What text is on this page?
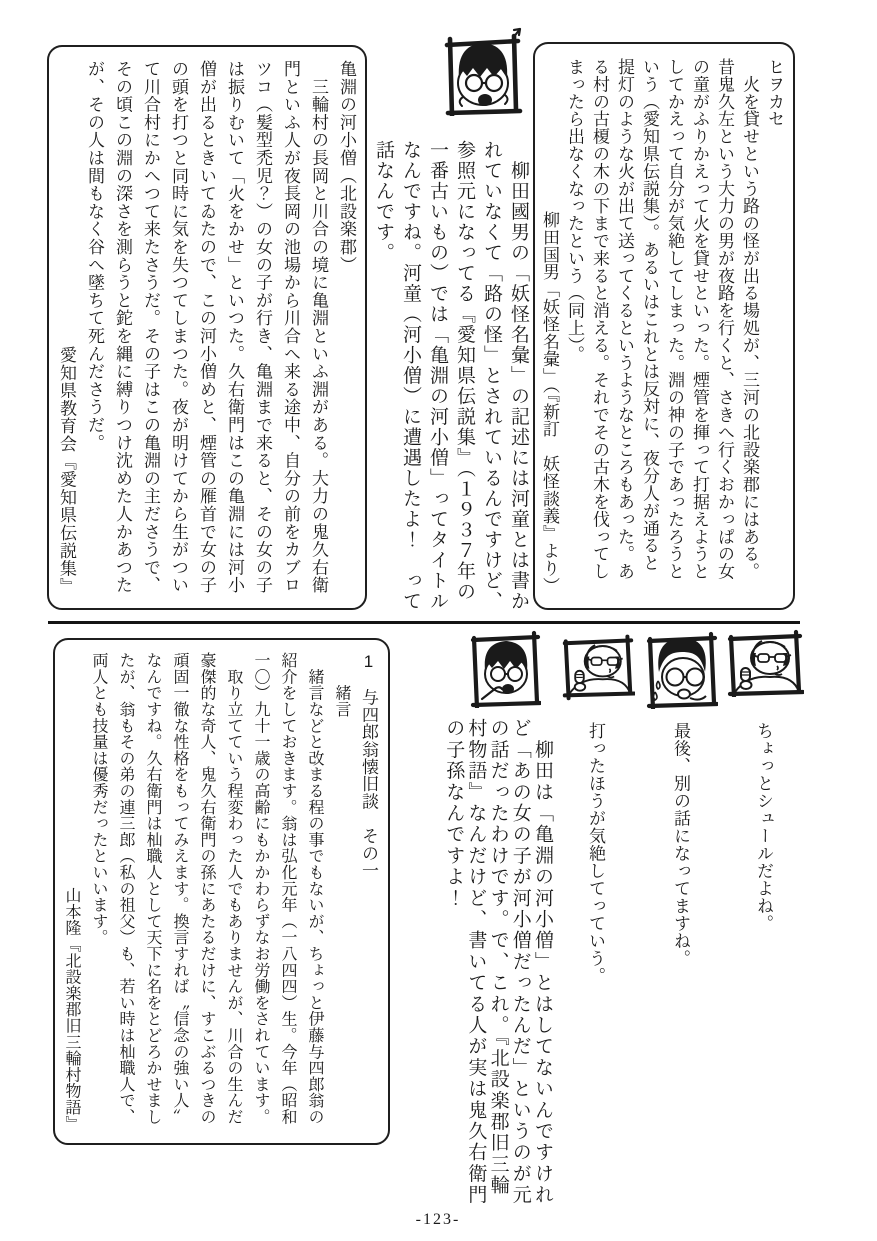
ヒヲカセ

　火を貸せという路の怪が出る場処が、三河の北設楽郡にはある。

昔鬼久左という大力の男が夜路を行くと、さきへ行くおかっぱの女

の童がふりかえって火を貸せといった。煙管を揮って打据えようと

してかえって自分が気絶してしまった。淵の神の子であったろうと

いう（愛知県伝説集）。あるいはこれとは反対に、夜分人が通ると

提灯のような火が出て送ってくるというようなところもあった。あ

る村の古榎の木の下まで来ると消える。それでその古木を伐ってし

まったら出なくなったという（同上）。

柳田国男「妖怪名彙」（『新訂　妖怪談義』より）

　柳田國男の「妖怪名彙」の記述には河童とは書か

れていなくて「路の怪」とされているんですけど、

参照元になってる『愛知県伝説集』（１９３７年の

一番古いもの）では「亀淵の河小僧」ってタイトル

なんですね。河童（河小僧）に遭遇したよ！　って

話なんです。

亀淵の河小僧（北設楽郡）

　三輪村の長岡と川合の境に亀淵といふ淵がある。大力の鬼久右衛

門といふ人が夜長岡の池場から川合へ来る途中、自分の前をカブロ

ツコ（髪型禿児？）の女の子が行き、亀淵まで来ると、その女の子

は振りむいて「火をかせ」といつた。久右衛門はこの亀淵には河小

僧が出るときいてゐたので、この河小僧めと、煙管の雁首で女の子

の頭を打つと同時に気を失つてしまつた。夜が明けてから生がつい

て川合村にかへつて来たさうだ。その子はこの亀淵の主ださうで、

その頃この淵の深さを測らうと鉈を縄に縛りつけ沈めた人かあつた

が、その人は間もなく谷へ墜ちて死んださうだ。

愛知県教育会『愛知県伝説集』

ちょっとシュールだよね。
最後、別の話になってますね。
打ったほうが気絶してっていう。

　柳田は「亀淵の河小僧」とはしてないんですけれ

ど「あの女の子が河小僧だったんだ」というのが元

の話だったわけです。で、これ。『北設楽郡旧三輪

村物語』なんだけど、書いてる人が実は鬼久右衛門

の子孫なんですよ！

1　与四郎翁懐旧談　その一

　　緒言

　緒言などと改まる程の事でもないが、ちょっと伊藤与四郎翁の

紹介をしておきます。翁は弘化元年（一八四四）生。今年（昭和

一〇）九十一歳の高齢にもかかわらずなお労働をされています。

　取り立てていう程変わった人でもありませんが、川合の生んだ

豪傑的な奇人、鬼久右衛門の孫にあたるだけに、すこぶるつきの

頑固一徹な性格をもってみえます。換言すれば〝信念の強い人〟

なんですね。久右衛門は杣職人として天下に名をとどろかせまし

たが、翁もその弟の連三郎（私の祖父）も、若い時は杣職人で、

両人とも技量は優秀だったといいます。

山本隆『北設楽郡旧三輪村物語』

-123-
